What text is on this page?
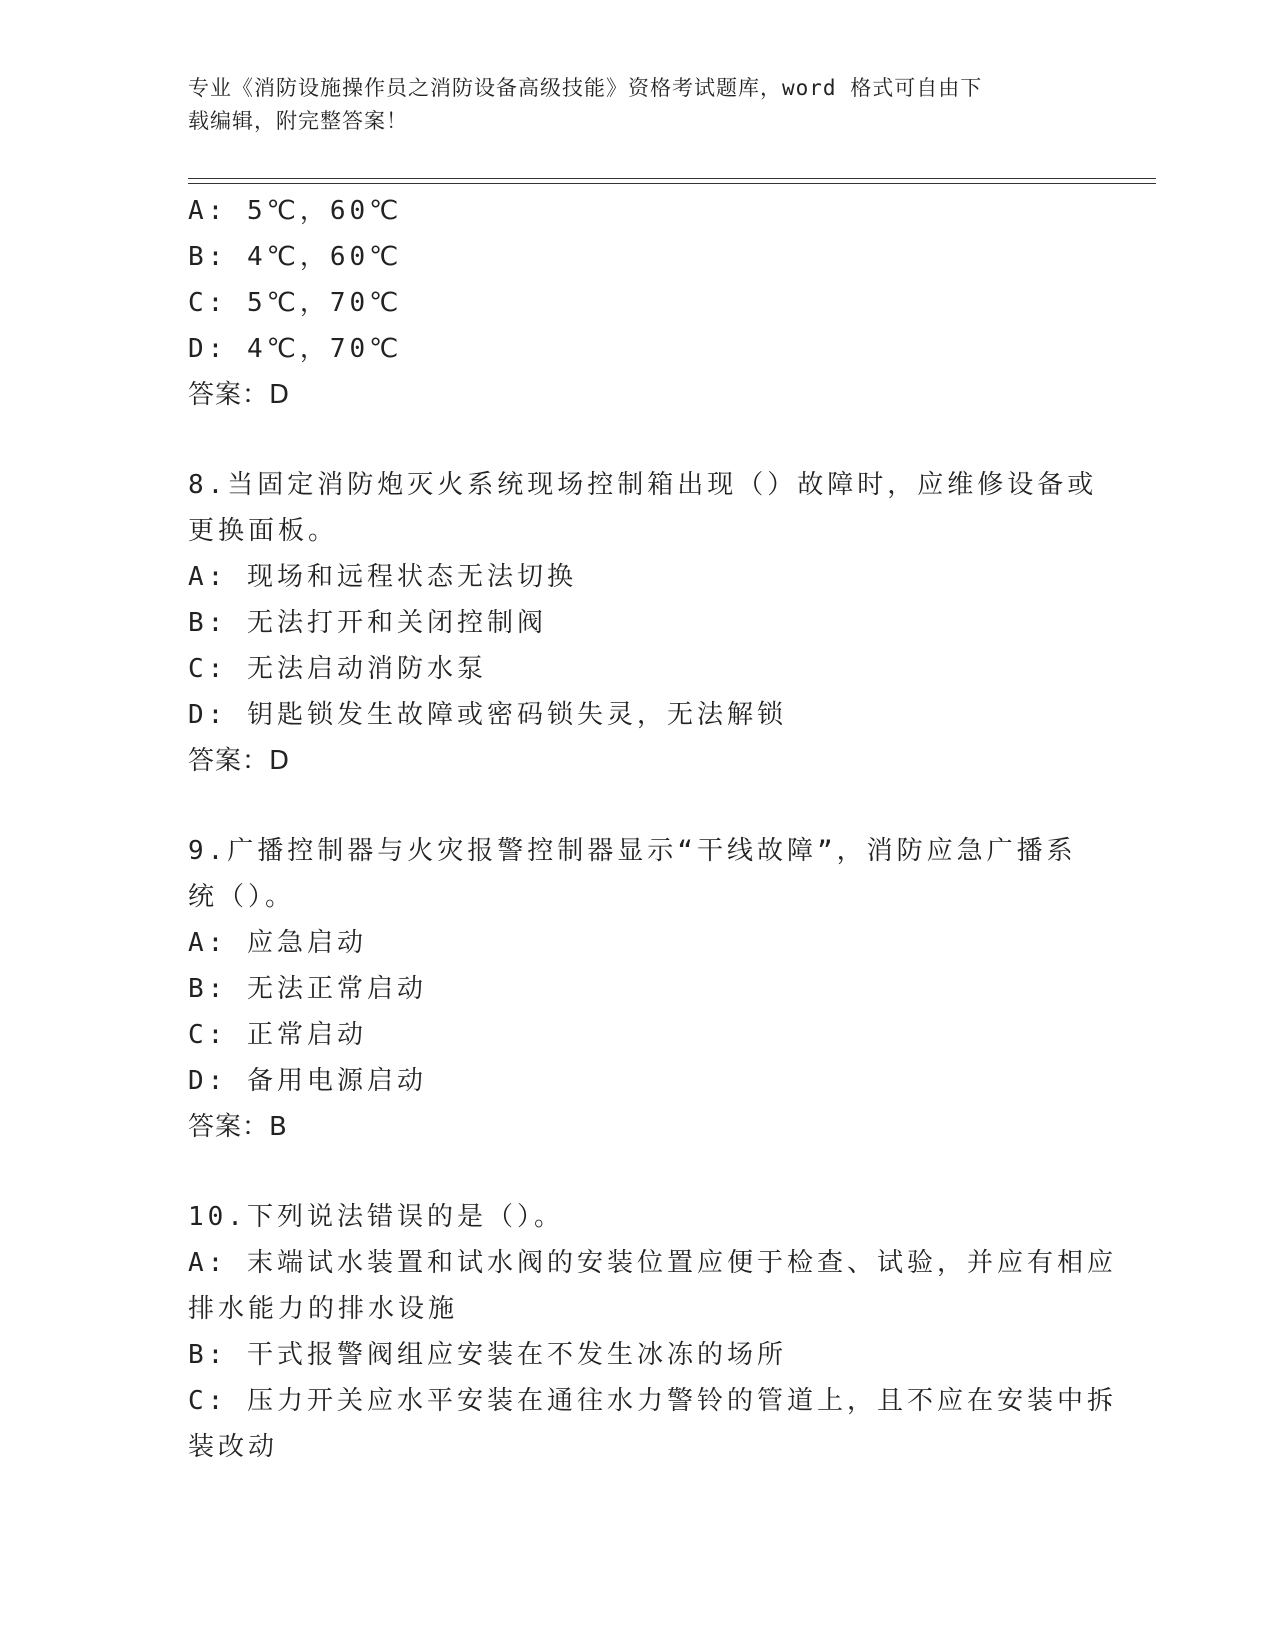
专业《消防设施操作员之消防设备高级技能》资格考试题库，word 格式可自由下
载编辑，附完整答案！
A: 5℃，60℃
B: 4℃，60℃
C: 5℃，70℃
D: 4℃，70℃
答案：D
8.当固定消防炮灭火系统现场控制箱出现（）故障时，应维修设备或
更换面板。
A: 现场和远程状态无法切换
B: 无法打开和关闭控制阀
C: 无法启动消防水泵
D: 钥匙锁发生故障或密码锁失灵，无法解锁
答案：D
9.广播控制器与火灾报警控制器显示“干线故障”，消防应急广播系
统（）。
A: 应急启动
B: 无法正常启动
C: 正常启动
D: 备用电源启动
答案：B
10.下列说法错误的是（）。
A: 末端试水装置和试水阀的安装位置应便于检查、试验，并应有相应
排水能力的排水设施
B: 干式报警阀组应安装在不发生冰冻的场所
C: 压力开关应水平安装在通往水力警铃的管道上，且不应在安装中拆
装改动
